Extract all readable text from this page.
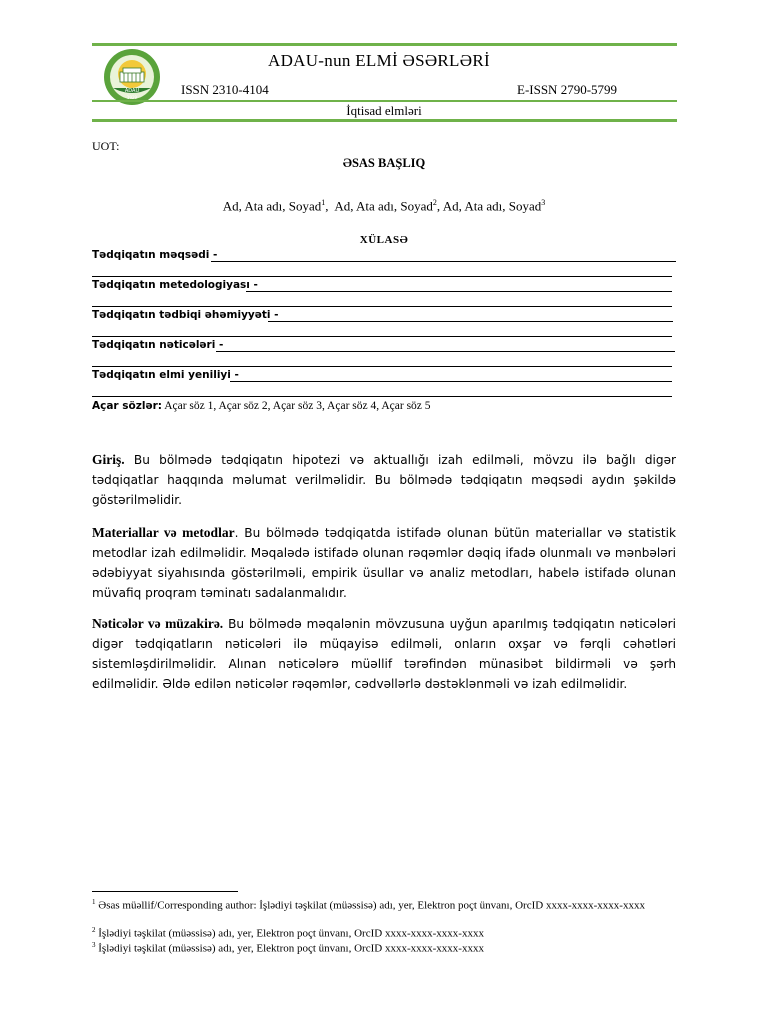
ADAU
1929
ADAU-nun ELMİ ƏSƏRLƏRİ
ISSN 2310-4104	E-ISSN 2790-5799
İqtisad elmləri
UOT:
ƏSAS BAŞLIQ
Ad, Ata adı, Soyad$^1$,  Ad, Ata adı, Soyad$^2$, Ad, Ata adı, Soyad$^3$
XÜLASƏ
Tədqiqatın məqsədi -
Tədqiqatın metedologiyası -
Tədqiqatın tədbiqi əhəmiyyəti -
Tədqiqatın nəticələri -
Tədqiqatın elmi yeniliyi -
Açar sözlər: Açar söz 1, Açar söz 2, Açar söz 3, Açar söz 4, Açar söz 5
Giriş. Bu bölmədə tədqiqatın hipotezi və aktuallığı izah edilməli, mövzu ilə bağlı digər tədqiqatlar haqqında məlumat verilməlidir. Bu bölmədə tədqiqatın məqsədi aydın şəkildə göstərilməlidir.
Materiallar və metodlar. Bu bölmədə tədqiqatda istifadə olunan bütün materiallar və statistik metodlar izah edilməlidir. Məqalədə istifadə olunan rəqəmlər dəqiq ifadə olunmalı və mənbələri ədəbiyyat siyahısında göstərilməli, empirik üsullar və analiz metodları, habelə istifadə olunan müvafiq proqram təminatı sadalanmalıdır.
Nəticələr və müzakirə. Bu bölmədə məqalənin mövzusuna uyğun aparılmış tədqiqatın nəticələri digər tədqiqatların nəticələri ilə müqayisə edilməli, onların oxşar və fərqli cəhətləri sistemləşdirilməlidir. Alınan nəticələrə müəllif tərəfindən münasibət bildirməli və şərh edilməlidir. Əldə edilən nəticələr rəqəmlər, cədvəllərlə dəstəklənməli və izah edilməlidir.
$^1$ Əsas müəllif/Corresponding author: İşlədiyi təşkilat (müəssisə) adı, yer, Elektron poçt ünvanı, OrcID xxxx-xxxx-xxxx-xxxx
$^2$ İşlədiyi təşkilat (müəssisə) adı, yer, Elektron poçt ünvanı, OrcID xxxx-xxxx-xxxx-xxxx
$^3$ İşlədiyi təşkilat (müəssisə) adı, yer, Elektron poçt ünvanı, OrcID xxxx-xxxx-xxxx-xxxx
